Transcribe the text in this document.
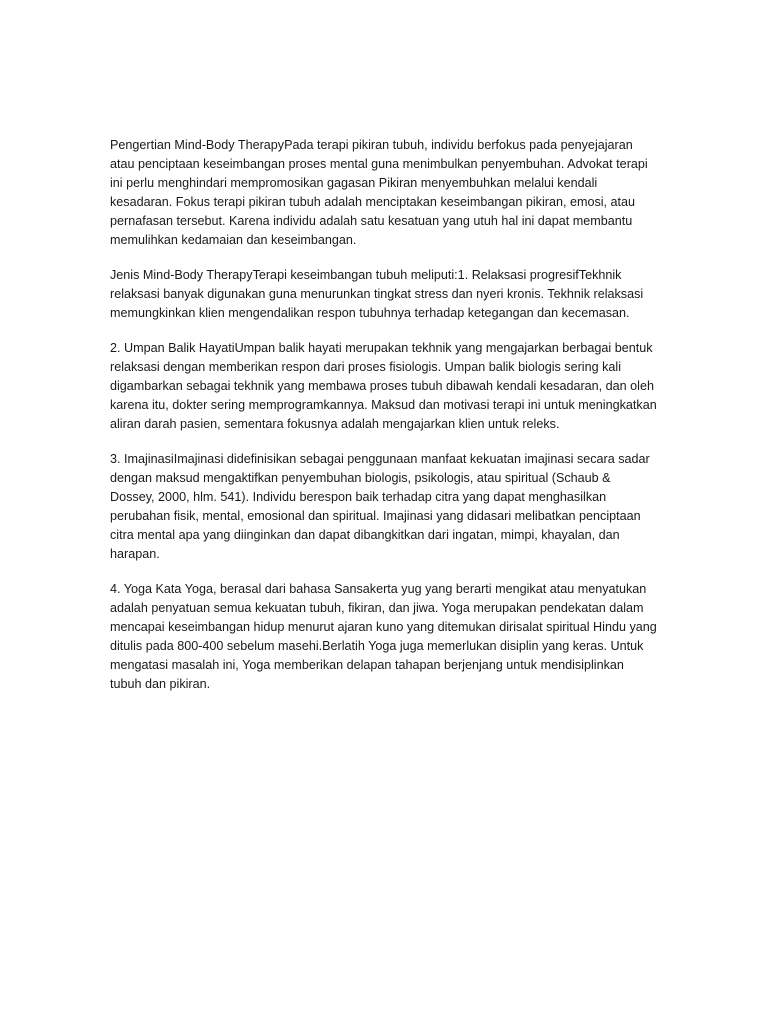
Pengertian Mind-Body TherapyPada terapi pikiran tubuh, individu berfokus pada penyejajaran atau penciptaan keseimbangan proses mental guna menimbulkan penyembuhan. Advokat terapi ini perlu menghindari mempromosikan gagasan Pikiran menyembuhkan melalui kendali kesadaran. Fokus terapi pikiran tubuh adalah menciptakan keseimbangan pikiran, emosi, atau pernafasan tersebut. Karena individu adalah satu kesatuan yang utuh hal ini dapat membantu memulihkan kedamaian dan keseimbangan.

Jenis Mind-Body TherapyTerapi keseimbangan tubuh meliputi:1. Relaksasi progresifTekhnik relaksasi banyak digunakan guna menurunkan tingkat stress dan nyeri kronis. Tekhnik relaksasi memungkinkan klien mengendalikan respon tubuhnya terhadap ketegangan dan kecemasan.

2. Umpan Balik HayatiUmpan balik hayati merupakan tekhnik yang mengajarkan berbagai bentuk relaksasi dengan memberikan respon dari proses fisiologis. Umpan balik biologis sering kali digambarkan sebagai tekhnik yang membawa proses tubuh dibawah kendali kesadaran, dan oleh karena itu, dokter sering memprogramkannya. Maksud dan motivasi terapi ini untuk meningkatkan aliran darah pasien, sementara fokusnya adalah mengajarkan klien untuk releks.

3. ImajinasiImajinasi didefinisikan sebagai penggunaan manfaat kekuatan imajinasi secara sadar dengan maksud mengaktifkan penyembuhan biologis, psikologis, atau spiritual (Schaub & Dossey, 2000, hlm. 541). Individu berespon baik terhadap citra yang dapat menghasilkan perubahan fisik, mental, emosional dan spiritual. Imajinasi yang didasari melibatkan penciptaan citra mental apa yang diinginkan dan dapat dibangkitkan dari ingatan, mimpi, khayalan, dan harapan.

4. Yoga Kata Yoga, berasal dari bahasa Sansakerta yug yang berarti mengikat atau menyatukan adalah penyatuan semua kekuatan tubuh, fikiran, dan jiwa. Yoga merupakan pendekatan dalam mencapai keseimbangan hidup menurut ajaran kuno yang ditemukan dirisalat spiritual Hindu yang ditulis pada 800-400 sebelum masehi.Berlatih Yoga juga memerlukan disiplin yang keras. Untuk mengatasi masalah ini, Yoga memberikan delapan tahapan berjenjang untuk mendisiplinkan tubuh dan pikiran.
